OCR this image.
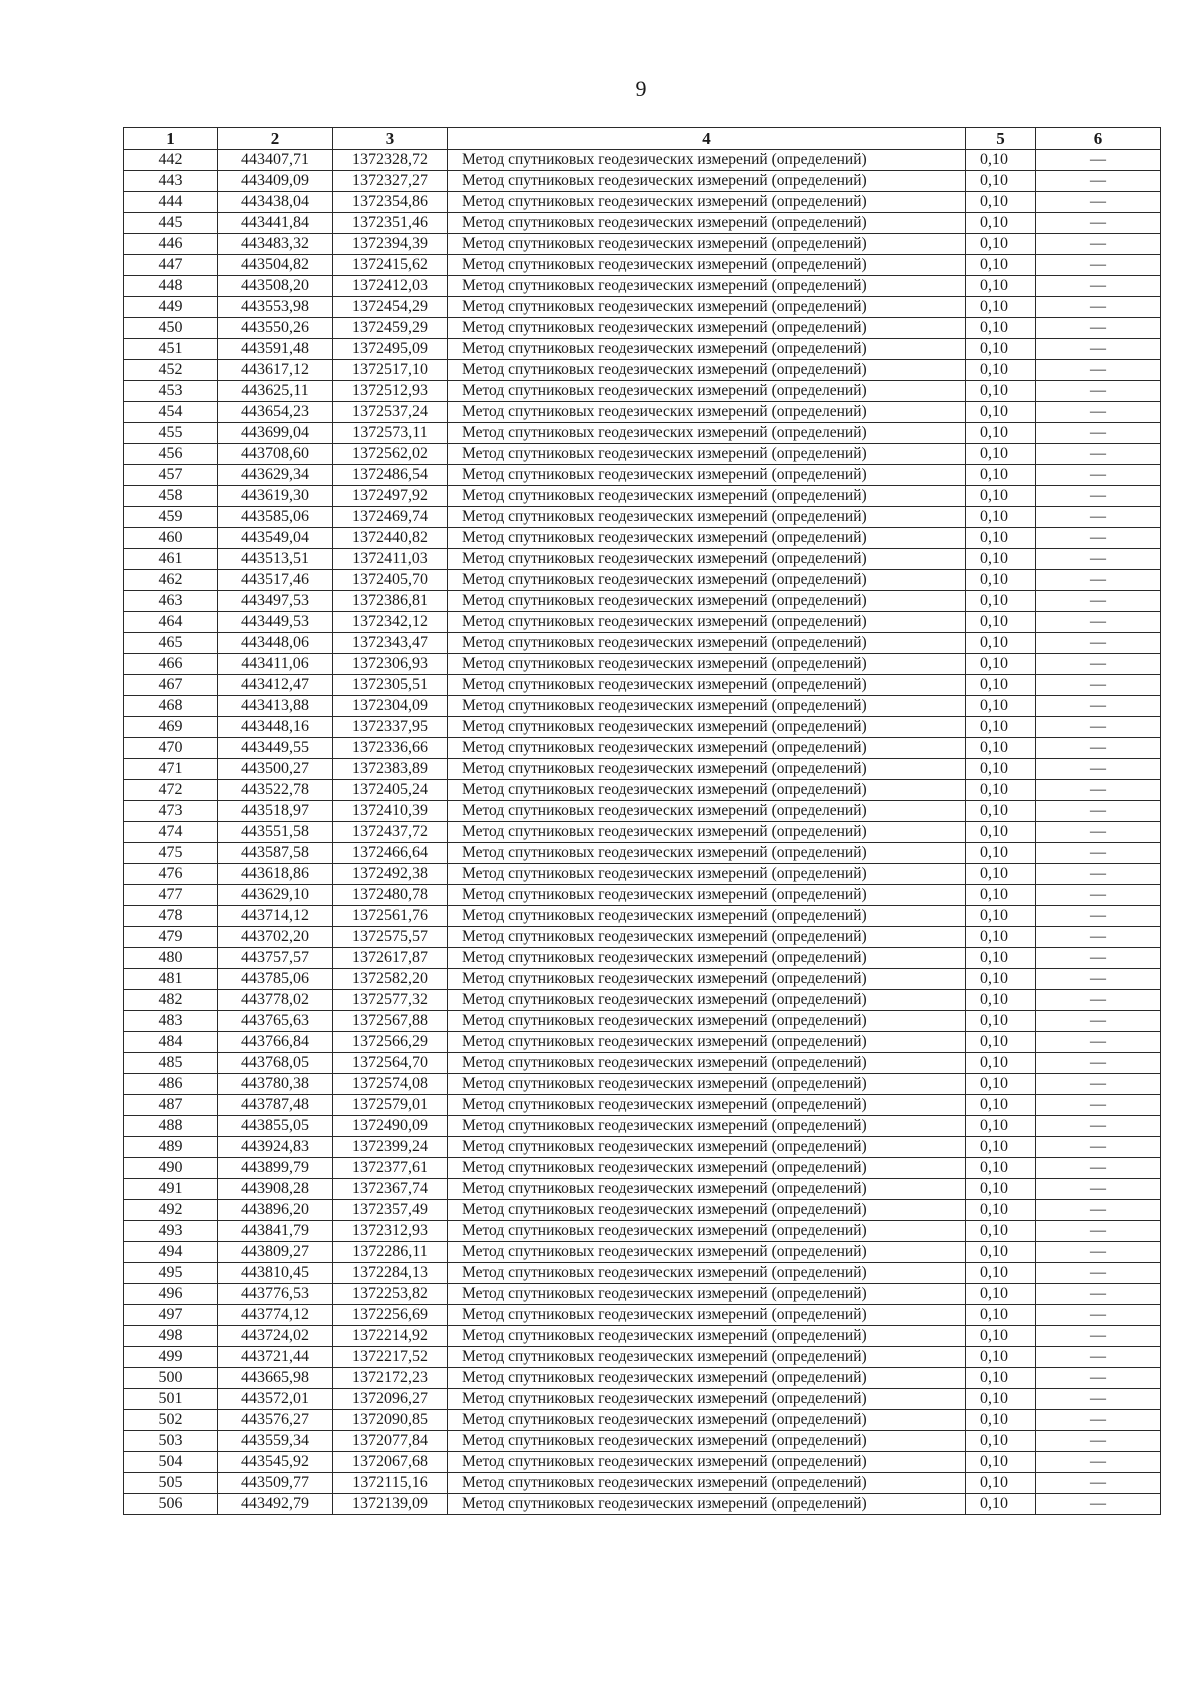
9
1	2	3	4	5	6
442	443407,71	1372328,72	Метод спутниковых геодезических измерений (определений)	0,10	—
443	443409,09	1372327,27	Метод спутниковых геодезических измерений (определений)	0,10	—
444	443438,04	1372354,86	Метод спутниковых геодезических измерений (определений)	0,10	—
445	443441,84	1372351,46	Метод спутниковых геодезических измерений (определений)	0,10	—
446	443483,32	1372394,39	Метод спутниковых геодезических измерений (определений)	0,10	—
447	443504,82	1372415,62	Метод спутниковых геодезических измерений (определений)	0,10	—
448	443508,20	1372412,03	Метод спутниковых геодезических измерений (определений)	0,10	—
449	443553,98	1372454,29	Метод спутниковых геодезических измерений (определений)	0,10	—
450	443550,26	1372459,29	Метод спутниковых геодезических измерений (определений)	0,10	—
451	443591,48	1372495,09	Метод спутниковых геодезических измерений (определений)	0,10	—
452	443617,12	1372517,10	Метод спутниковых геодезических измерений (определений)	0,10	—
453	443625,11	1372512,93	Метод спутниковых геодезических измерений (определений)	0,10	—
454	443654,23	1372537,24	Метод спутниковых геодезических измерений (определений)	0,10	—
455	443699,04	1372573,11	Метод спутниковых геодезических измерений (определений)	0,10	—
456	443708,60	1372562,02	Метод спутниковых геодезических измерений (определений)	0,10	—
457	443629,34	1372486,54	Метод спутниковых геодезических измерений (определений)	0,10	—
458	443619,30	1372497,92	Метод спутниковых геодезических измерений (определений)	0,10	—
459	443585,06	1372469,74	Метод спутниковых геодезических измерений (определений)	0,10	—
460	443549,04	1372440,82	Метод спутниковых геодезических измерений (определений)	0,10	—
461	443513,51	1372411,03	Метод спутниковых геодезических измерений (определений)	0,10	—
462	443517,46	1372405,70	Метод спутниковых геодезических измерений (определений)	0,10	—
463	443497,53	1372386,81	Метод спутниковых геодезических измерений (определений)	0,10	—
464	443449,53	1372342,12	Метод спутниковых геодезических измерений (определений)	0,10	—
465	443448,06	1372343,47	Метод спутниковых геодезических измерений (определений)	0,10	—
466	443411,06	1372306,93	Метод спутниковых геодезических измерений (определений)	0,10	—
467	443412,47	1372305,51	Метод спутниковых геодезических измерений (определений)	0,10	—
468	443413,88	1372304,09	Метод спутниковых геодезических измерений (определений)	0,10	—
469	443448,16	1372337,95	Метод спутниковых геодезических измерений (определений)	0,10	—
470	443449,55	1372336,66	Метод спутниковых геодезических измерений (определений)	0,10	—
471	443500,27	1372383,89	Метод спутниковых геодезических измерений (определений)	0,10	—
472	443522,78	1372405,24	Метод спутниковых геодезических измерений (определений)	0,10	—
473	443518,97	1372410,39	Метод спутниковых геодезических измерений (определений)	0,10	—
474	443551,58	1372437,72	Метод спутниковых геодезических измерений (определений)	0,10	—
475	443587,58	1372466,64	Метод спутниковых геодезических измерений (определений)	0,10	—
476	443618,86	1372492,38	Метод спутниковых геодезических измерений (определений)	0,10	—
477	443629,10	1372480,78	Метод спутниковых геодезических измерений (определений)	0,10	—
478	443714,12	1372561,76	Метод спутниковых геодезических измерений (определений)	0,10	—
479	443702,20	1372575,57	Метод спутниковых геодезических измерений (определений)	0,10	—
480	443757,57	1372617,87	Метод спутниковых геодезических измерений (определений)	0,10	—
481	443785,06	1372582,20	Метод спутниковых геодезических измерений (определений)	0,10	—
482	443778,02	1372577,32	Метод спутниковых геодезических измерений (определений)	0,10	—
483	443765,63	1372567,88	Метод спутниковых геодезических измерений (определений)	0,10	—
484	443766,84	1372566,29	Метод спутниковых геодезических измерений (определений)	0,10	—
485	443768,05	1372564,70	Метод спутниковых геодезических измерений (определений)	0,10	—
486	443780,38	1372574,08	Метод спутниковых геодезических измерений (определений)	0,10	—
487	443787,48	1372579,01	Метод спутниковых геодезических измерений (определений)	0,10	—
488	443855,05	1372490,09	Метод спутниковых геодезических измерений (определений)	0,10	—
489	443924,83	1372399,24	Метод спутниковых геодезических измерений (определений)	0,10	—
490	443899,79	1372377,61	Метод спутниковых геодезических измерений (определений)	0,10	—
491	443908,28	1372367,74	Метод спутниковых геодезических измерений (определений)	0,10	—
492	443896,20	1372357,49	Метод спутниковых геодезических измерений (определений)	0,10	—
493	443841,79	1372312,93	Метод спутниковых геодезических измерений (определений)	0,10	—
494	443809,27	1372286,11	Метод спутниковых геодезических измерений (определений)	0,10	—
495	443810,45	1372284,13	Метод спутниковых геодезических измерений (определений)	0,10	—
496	443776,53	1372253,82	Метод спутниковых геодезических измерений (определений)	0,10	—
497	443774,12	1372256,69	Метод спутниковых геодезических измерений (определений)	0,10	—
498	443724,02	1372214,92	Метод спутниковых геодезических измерений (определений)	0,10	—
499	443721,44	1372217,52	Метод спутниковых геодезических измерений (определений)	0,10	—
500	443665,98	1372172,23	Метод спутниковых геодезических измерений (определений)	0,10	—
501	443572,01	1372096,27	Метод спутниковых геодезических измерений (определений)	0,10	—
502	443576,27	1372090,85	Метод спутниковых геодезических измерений (определений)	0,10	—
503	443559,34	1372077,84	Метод спутниковых геодезических измерений (определений)	0,10	—
504	443545,92	1372067,68	Метод спутниковых геодезических измерений (определений)	0,10	—
505	443509,77	1372115,16	Метод спутниковых геодезических измерений (определений)	0,10	—
506	443492,79	1372139,09	Метод спутниковых геодезических измерений (определений)	0,10	—
